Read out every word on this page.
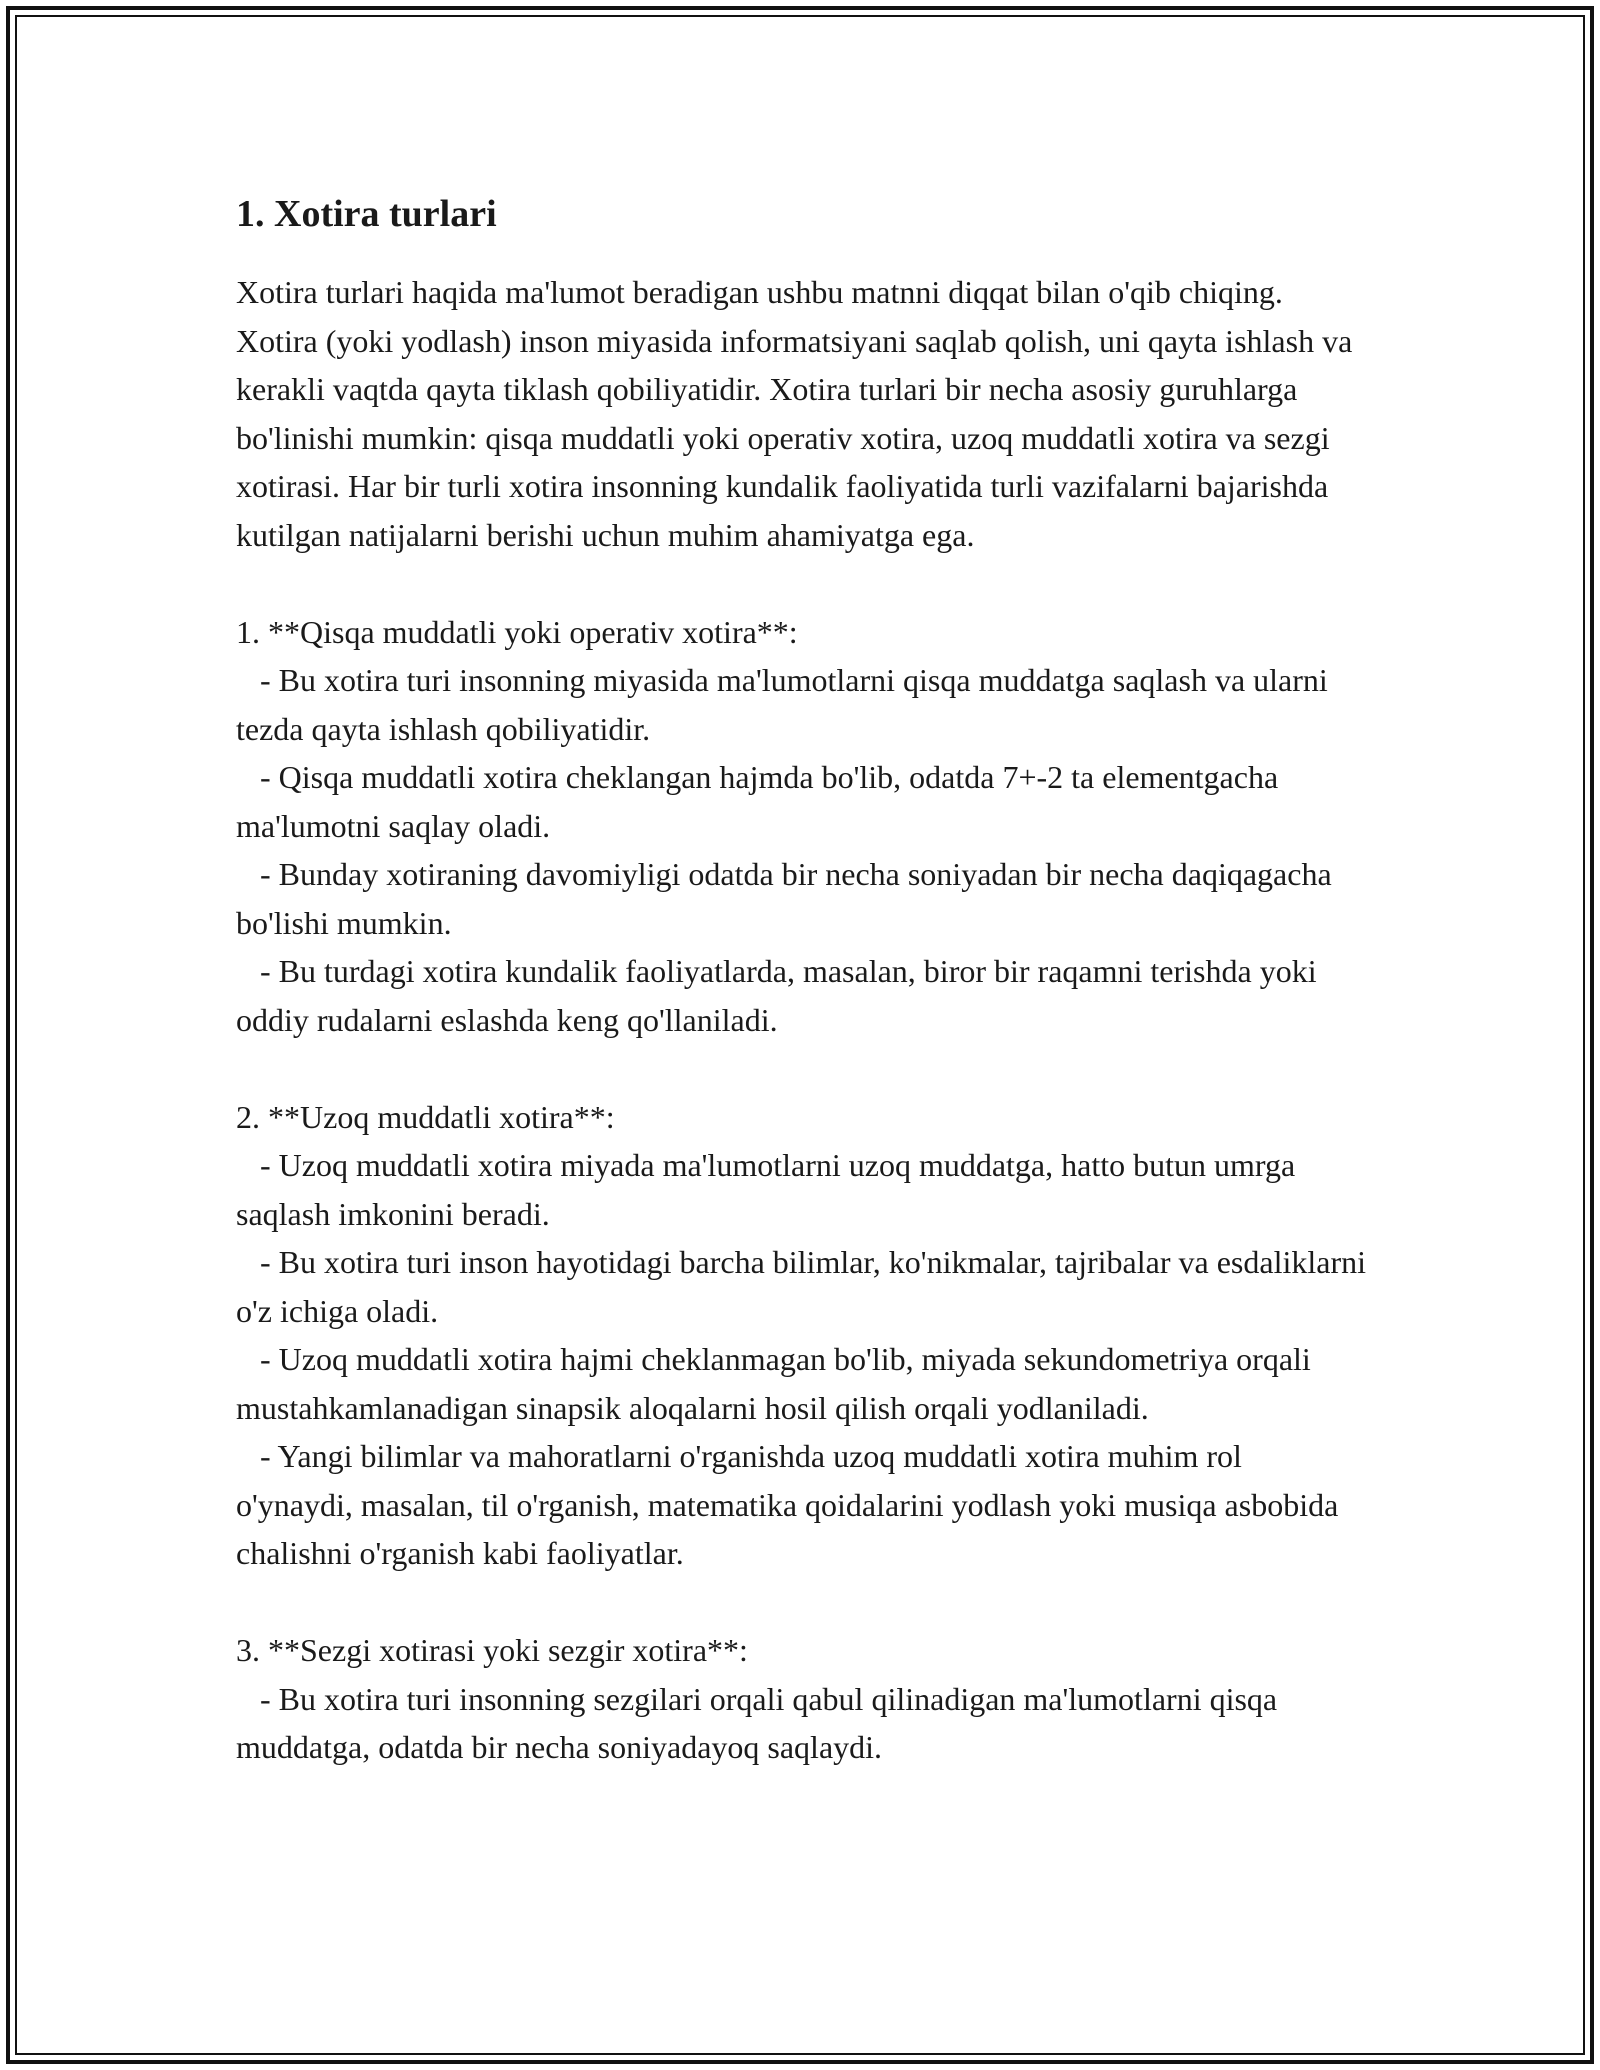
1. Xotira turlari

Xotira turlari haqida ma'lumot beradigan ushbu matnni diqqat bilan o'qib chiqing. Xotira (yoki yodlash) inson miyasida informatsiyani saqlab qolish, uni qayta ishlash va kerakli vaqtda qayta tiklash qobiliyatidir. Xotira turlari bir necha asosiy guruhlarga bo'linishi mumkin: qisqa muddatli yoki operativ xotira, uzoq muddatli xotira va sezgi xotirasi. Har bir turli xotira insonning kundalik faoliyatida turli vazifalarni bajarishda kutilgan natijalarni berishi uchun muhim ahamiyatga ega.

1. **Qisqa muddatli yoki operativ xotira**:

- Bu xotira turi insonning miyasida ma'lumotlarni qisqa muddatga saqlash va ularni tezda qayta ishlash qobiliyatidir.

- Qisqa muddatli xotira cheklangan hajmda bo'lib, odatda 7+-2 ta elementgacha ma'lumotni saqlay oladi.

- Bunday xotiraning davomiyligi odatda bir necha soniyadan bir necha daqiqagacha bo'lishi mumkin.

- Bu turdagi xotira kundalik faoliyatlarda, masalan, biror bir raqamni terishda yoki oddiy rudalarni eslashda keng qo'llaniladi.

2. **Uzoq muddatli xotira**:

- Uzoq muddatli xotira miyada ma'lumotlarni uzoq muddatga, hatto butun umrga saqlash imkonini beradi.

- Bu xotira turi inson hayotidagi barcha bilimlar, ko'nikmalar, tajribalar va esdaliklarni o'z ichiga oladi.

- Uzoq muddatli xotira hajmi cheklanmagan bo'lib, miyada sekundometriya orqali mustahkamlanadigan sinapsik aloqalarni hosil qilish orqali yodlaniladi.

- Yangi bilimlar va mahoratlarni o'rganishda uzoq muddatli xotira muhim rol o'ynaydi, masalan, til o'rganish, matematika qoidalarini yodlash yoki musiqa asbobida chalishni o'rganish kabi faoliyatlar.

3. **Sezgi xotirasi yoki sezgir xotira**:

- Bu xotira turi insonning sezgilari orqali qabul qilinadigan ma'lumotlarni qisqa muddatga, odatda bir necha soniyadayoq saqlaydi.
